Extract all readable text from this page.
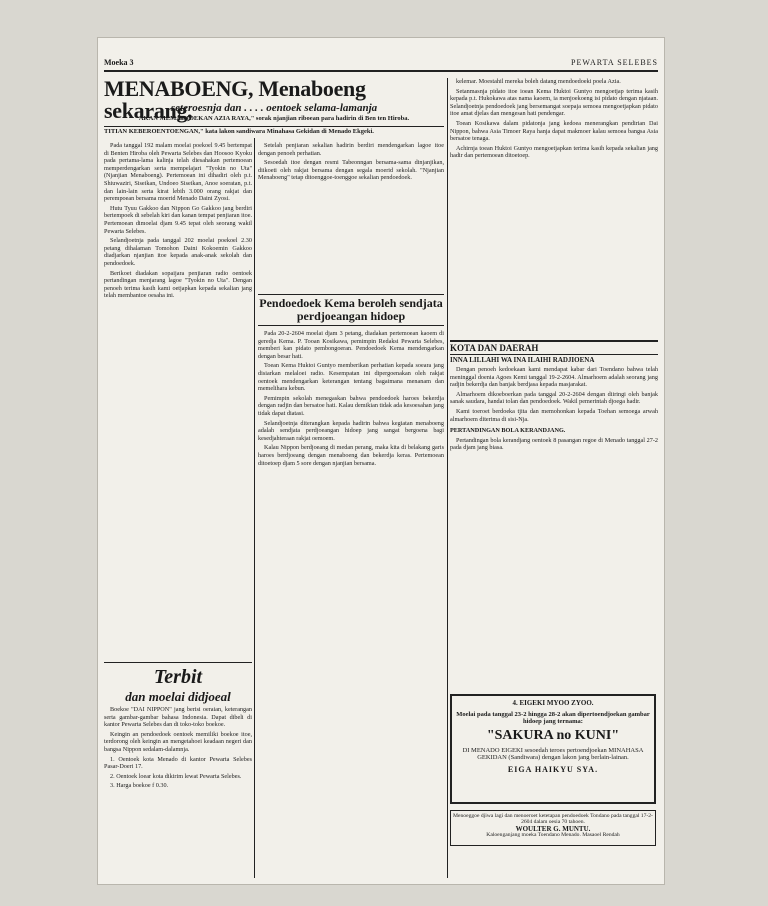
Moeka 3	PEWARTA SELEBES
MENABOENG, Menaboeng sekarang,
seteroesnja dan . . . . oentoek selama-lamanja
AKAN MEMADJOEKAN AZIA RAYA," sorak njanjian riboean para hadirin di Ben ten Hiroba.
TITIAN KEBEROENTOENGAN," kata lakon sandiwara Minahasa Gekidan di Menado Ekgeki.

Pada tanggal 192 malam moelai poekoel 9.45 bertempat di Benten Hiroba oleh Pewarta Selebes dan Hoosoo Kyoku pada pertama-lama kalinja telah diesahakan pertemoean memperdengarkan serta mempelajari "Tyokin no Uta" (Njanjian Menaboeng). Pertemoean ini dihadiri oleh p.t. Shiuwaziri, Siseikan, Undoeo Siseikan, Anoe soeratan, p.t. dan lain-lain serta kirat lebih 3.000 orang rakjat dan perempoean bersama moerid Menado Daini Zyosi.

Hutu Tyuu Gakkoo dan Nippon Go Gakkoo jang berdiri bertempoek di sebelah kiri dan kanan tempat penjiaran itoe. Pertemoean dimoelai djam 9.45 tepat oleh seorang wakil Pewarta Selebes.

Selandjoetnja pada tanggal 202 moelai poekoel 2.30 petang dihalaman Tomohon Daini Kokoemin Gakkoo diadjarkan njanjian itoe kepada anak-anak sekolah dan pendoedoek.

Berikoet diadakan sopaijara penjiaran radio oentoek pertandingan menjarang lagoe "Tyokin no Uta". Dengan penoeh terima kasih kami oetjapkan kepada sekalian jang telah membantoe oesaha ini.

Setelah penjiaran sekalian hadirin berdiri mendengarkan lagoe itoe dengan penoeh perhatian.

Sesoedah itoe dengan resmi Tabeonngan bersama-sama dinjanjikan, diikoeti oleh rakjat bersama dengan segala moerid sekolah. "Njanjian Menaboeng" tetap ditoenggoe-toenggoe sekalian pendoedoek.

Pendoedoek Kema beroleh sendjata perdjoeangan hidoep

Pada 20-2-2604 moelai djam 3 petang, diadakan pertemoean kaoem di geredja Kema. P. Tooan Kosikawa, pemimpin Redaksi Pewarta Selebes, memberi kan pidato pembongoeran. Pendoedoek Kema mendengarkan dengan besar hati.

Toean Kema Huktoi Guntyo memberikan perhatian kepada soeara jang disiarkan melaloei radio. Kesempatan ini dipergoenakan oleh rakjat oentoek mendengarkan keterangan tentang bagaimana menanam dan memelihara kebun.

Pemimpin sekolah menegaskan bahwa pendoedoek haroes bekerdja dengan radjin dan bersatoe hati. Kalau demikian tidak ada kesoesahan jang tidak dapat diatasi.

Selandjoetnja diterangkan kepada hadirin bahwa kegiatan menaboeng adalah sendjata perdjoeangan hidoep jang sangat bergoena bagi kesedjahteraan rakjat oemoem.

Kalau Nippon berdjoeang di medan perang, maka kita di belakang garis haroes berdjoeang dengan menaboeng dan bekerdja keras. Pertemoean ditoetoep djam 5 sore dengan njanjian bersama.

kelemar. Moestahil mereka boleh datang mendoedoeki poela Azia.

Setanmasnja pidato itoe ioean Kema Huktoi Guntyo mengoetjap terima kasih kepada p.t. Hukokawa atas nama kaoem, ia menjoekoeng isi pidato dengan njataan. Selandjoetnja pendoedoek jang bersemangat soepaja semoea mengoetjapkan pidato itoe amat djelas dan mengesan hati pendengar.

Toean Kosikawa dalam pidatonja jang kedoea menerangkan pendirian Dai Nippon, bahwa Asia Timoer Raya hanja dapat makmoer kalau semoea bangsa Asia bersatoe tenaga.

Achirnja toean Huktoi Guntyo mengoetjapkan terima kasih kepada sekalian jang hadir dan pertemoean ditoetoep.

KOTA DAN DAERAH
INNA LILLAHI WA INA ILAIHI RADJIOENA

Dengan penoeh kedoekaan kami mendapat kabar dari Toendano bahwa telah meninggal doenia Agoes Kemi tanggal 19-2-2604. Almarhoem adalah seorang jang radjin bekerdja dan banjak berdjasa kepada masjarakat.

Almarhoem dikoeboerkan pada tanggal 20-2-2604 dengan diiringi oleh banjak sanak saudara, handai tolan dan pendoedoek. Wakil pemerintah djoega hadir.

Kami toeroet berdoeka tjita dan memohonkan kepada Toehan semoega arwah almarhoem diterima di sisi-Nja.

PERTANDINGAN BOLA KERANDJANG.

Pertandingan bola kerandjang oentoek 8 pasangan regoe di Menado tanggal 27-2 pada djam jang biasa.

Terbit
dan moelai didjoeal

Boekoe "DAI NIPPON" jang berisi oeraian, keterangan serta gambar-gambar bahasa Indonesia. Dapat dibeli di kantor Pewarta Selebes dan di toko-toko boekoe.

Keingin an pendoedoek oentoek memiliki boekoe itoe, terdorong oleh keingin an mengetahoei keadaan negeri dan bangsa Nippon sedalam-dalamnja.

1. Oentoek kota Menado di kantor Pewarta Selebes Pasar-Doeri 17.

2. Oentoek loear kota dikirim lewat Pewarta Selebes.

3. Harga boekoe f 0.30.

4. EIGEKI MYOO ZYOO.
Moelai pada tanggal 23-2 hingga 28-2 akan dipertoendjoekan gambar hidoep jang ternama:
"SAKURA no KUNI"
DI MENADO EIGEKI sesoedah teroes pertoendjoekan MINAHASA GEKIDAN (Sandiwara) dengan lakon jang berlain-lainan.
EIGA HAIKYU SYA.
Menoeggoe djiwa lagi dan menoeroet ketetapan pendoedoek Tondano pada tanggal 17-2-2604 dalam oesia 70 tahoen.
WOULTER G. MUNTU.
Kaloenganjang moeka Toendano Menado. Masaoel Rendah
